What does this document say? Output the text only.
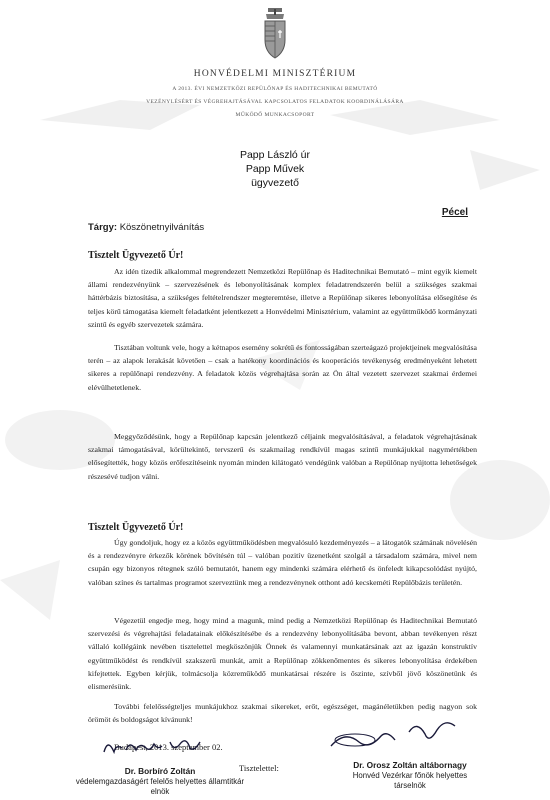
HONVÉDELMI MINISZTÉRIUM
A 2013. ÉVI NEMZETKÖZI REPÜLŐNAP ÉS HADITECHNIKAI BEMUTATÓ
VEZÉNYLÉSÉRT ÉS VÉGREHAJTÁSÁVAL KAPCSOLATOS FELADATOK KOORDINÁLÁSÁRA
MŰKÖDŐ MUNKACSOPORT
Papp László úr
Papp Művek
ügyvezető
Pécel
Tárgy: Köszönetnyilvánítás
Tisztelt Ügyvezető Úr!

Az idén tizedik alkalommal megrendezett Nemzetközi Repülőnap és Haditechnikai Bemutató – mint egyik kiemelt állami rendezvényünk – szervezésének és lebonyolításának komplex feladatrendszerén belül a szükséges szakmai háttérbázis biztosítása, a szükséges feltételrendszer megteremtése, illetve a Repülőnap sikeres lebonyolítása elősegítése és teljes körű támogatása kiemelt feladatként jelentkezett a Honvédelmi Minisztérium, valamint az együttműködő kormányzati szintű és egyéb szervezetek számára.

Tisztában voltunk vele, hogy a kétnapos esemény sokrétű és fontosságában szerteágazó projektjeinek megvalósítása terén – az alapok lerakását követően – csak a hatékony koordinációs és kooperációs tevékenység eredményeként lehetett sikeres a repülőnapi rendezvény. A feladatok közös végrehajtása során az Ön által vezetett szervezet szakmai érdemei elévülhetetlenek.

Meggyőződésünk, hogy a Repülőnap kapcsán jelentkező céljaink megvalósításával, a feladatok végrehajtásának szakmai támogatásával, körültekintő, tervszerű és szakmailag rendkívül magas szintű munkájukkal nagymértékben elősegítették, hogy közös erőfeszítéseink nyomán minden kilátogató vendégünk valóban a Repülőnap nyújtotta lehetőségek részesévé tudjon válni.

Tisztelt Ügyvezető Úr!

Úgy gondoljuk, hogy ez a közös együttműködésben megvalósuló kezdeményezés – a látogatók számának növelésén és a rendezvényre érkezők körének bővítésén túl – valóban pozitív üzenetként szolgál a társadalom számára, mivel nem csupán egy bizonyos rétegnek szóló bemutatót, hanem egy mindenki számára elérhető és önfeledt kikapcsolódást nyújtó, valóban színes és tartalmas programot szerveztünk meg a rendezvénynek otthont adó kecskeméti Repülőbázis területén.

Végezetül engedje meg, hogy mind a magunk, mind pedig a Nemzetközi Repülőnap és Haditechnikai Bemutató szervezési és végrehajtási feladatainak előkészítésébe és a rendezvény lebonyolításába bevont, abban tevékenyen részt vállaló kollégáink nevében tisztelettel megköszönjük Önnek és valamennyi munkatársának azt az igazán konstruktív együttműködést és rendkívül szakszerű munkát, amit a Repülőnap zökkenőmentes és sikeres lebonyolítása érdekében kifejtettek. Egyben kérjük, tolmácsolja közreműködő munkatársai részére is őszinte, szívből jövő köszönetünk és elismerésünk.

További felelősségteljes munkájukhoz szakmai sikereket, erőt, egészséget, magánéletükben pedig nagyon sok örömöt és boldogságot kívánunk!

Budapest, 2013. szeptember 02.
Tisztelettel:
Dr. Borbíró Zoltán
védelemgazdaságért felelős helyettes államtitkár
elnök
Dr. Orosz Zoltán altábornagy
Honvéd Vezérkar főnök helyettes
társelnök
